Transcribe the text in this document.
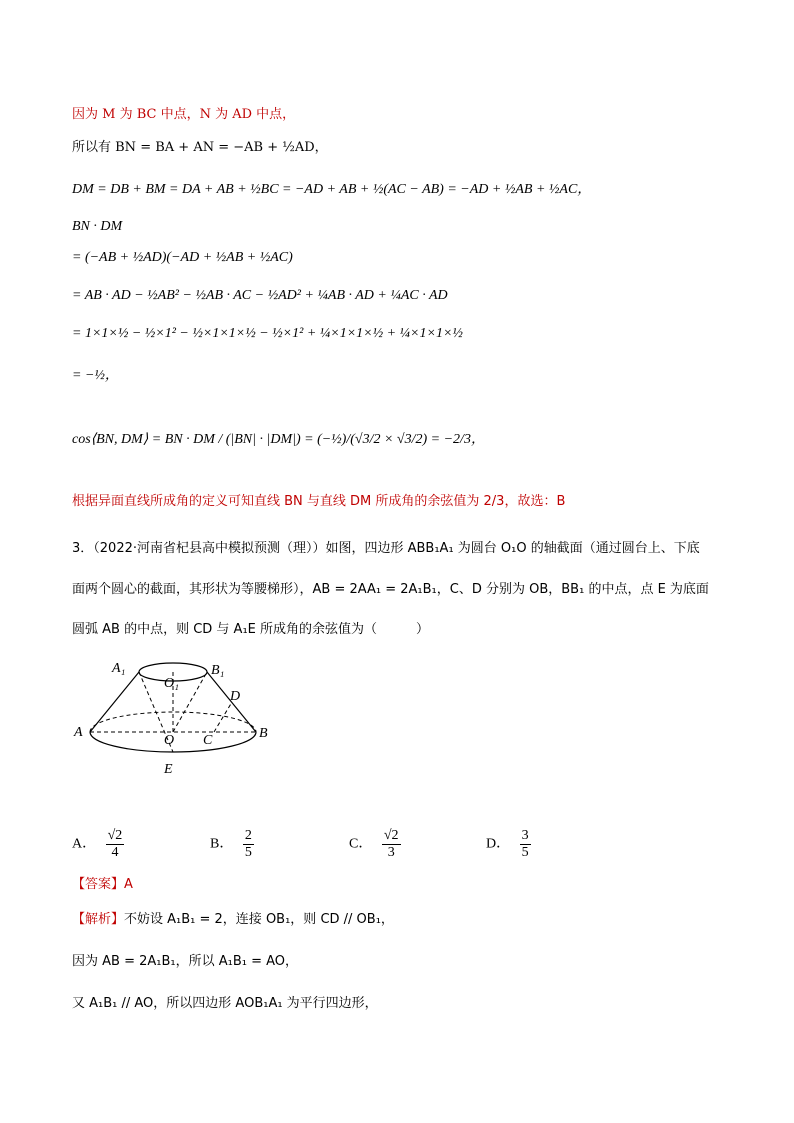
因为 M 为 BC 中点，N 为 AD 中点，
所以有 BN = BA + AN = −AB + ½AD，
DM = DB + BM = DA + AB + ½BC = −AD + AB + ½(AC − AB) = −AD + ½AB + ½AC，
BN · DM
= (−AB + ½AD)(−AD + ½AB + ½AC)
= AB · AD − ½AB² − ½AB · AC − ½AD² + ¼AB · AD + ¼AC · AD
= 1×1×½ − ½×1² − ½×1×1×½ − ½×1² + ¼×1×1×½ + ¼×1×1×½
= −½，
cos⟨BN, DM⟩ = BN · DM / (|BN| · |DM|) = (−½)/(√3/2 × √3/2) = −2/3，
根据异面直线所成角的定义可知直线 BN 与直线 DM 所成角的余弦值为 2/3，故选：B
3．（2022·河南省杞县高中模拟预测（理））如图，四边形 ABB₁A₁ 为圆台 O₁O 的轴截面（通过圆台上、下底
面两个圆心的截面，其形状为等腰梯形），AB = 2AA₁ = 2A₁B₁，C、D 分别为 OB，BB₁ 的中点，点 E 为底面
圆弧 AB 的中点，则 CD 与 A₁E 所成角的余弦值为（　　　）
A₁	B₁
O₁
D
A
O C	B
E
A． $\frac{√2}{4}$	B． $\frac{2}{5}$	C． $\frac{√2}{3}$	D． $\frac{3}{5}$
【答案】A
【解析】不妨设 A₁B₁ = 2，连接 OB₁，则 CD // OB₁，
因为 AB = 2A₁B₁，所以 A₁B₁ = AO，
又 A₁B₁ // AO，所以四边形 AOB₁A₁ 为平行四边形，
